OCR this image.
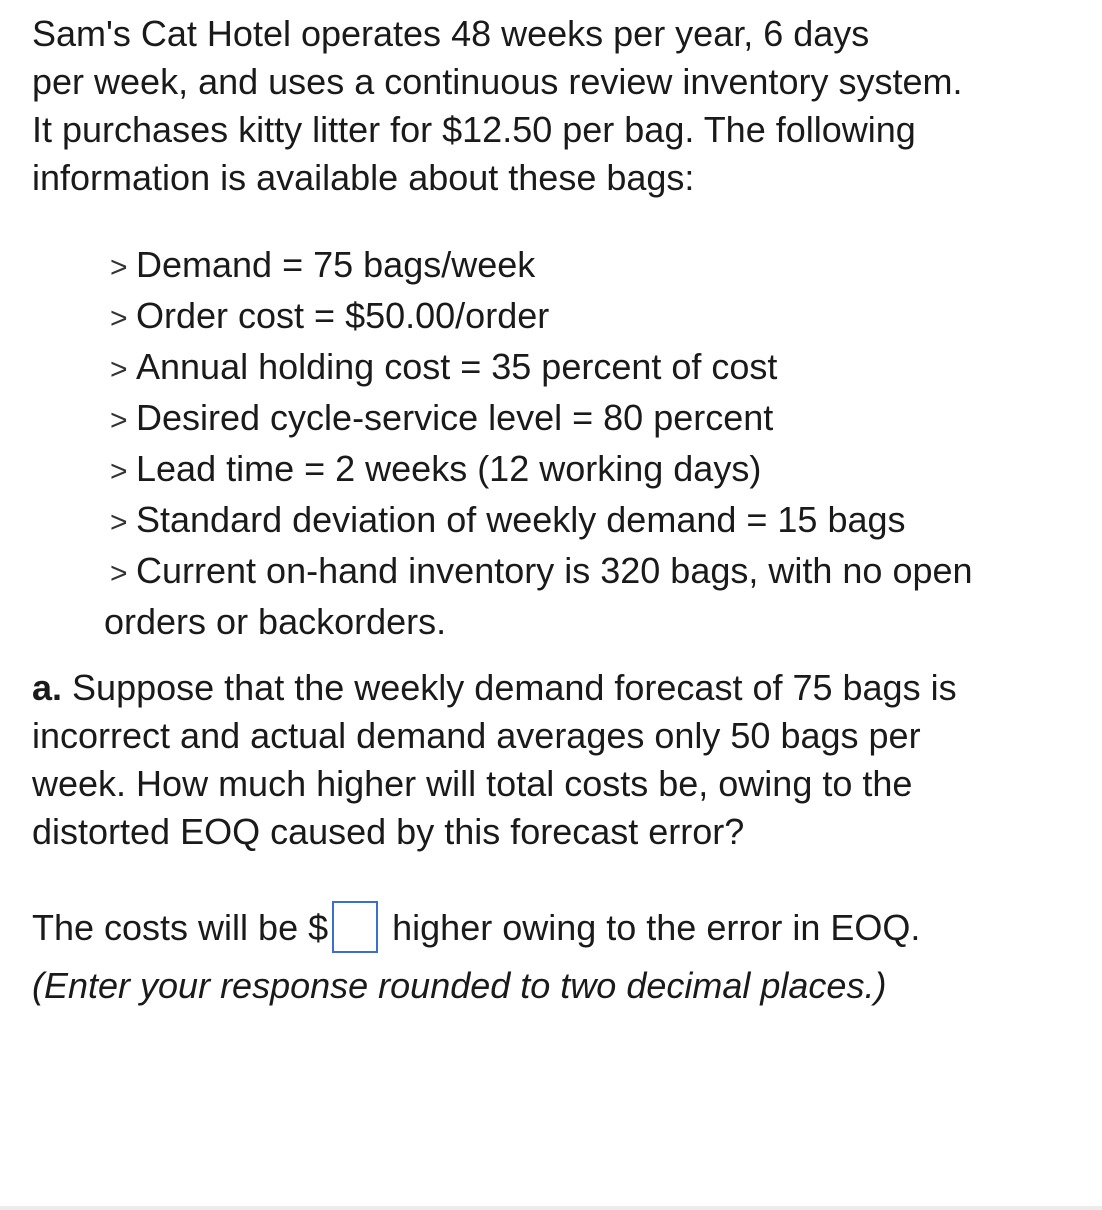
Sam's Cat Hotel operates 48 weeks per year, 6 days
per week, and uses a continuous review inventory system.
It purchases kitty litter for $12.50 per bag. The following
information is available about these bags:
> Demand = 75 bags/week
> Order cost = $50.00/order
> Annual holding cost = 35 percent of cost
> Desired cycle-service level = 80 percent
> Lead time = 2 weeks (12 working days)
> Standard deviation of weekly demand = 15 bags
> Current on-hand inventory is 320 bags, with no open
orders or backorders.
a. Suppose that the weekly demand forecast of 75 bags is
incorrect and actual demand averages only 50 bags per
week. How much higher will total costs be, owing to the
distorted EOQ caused by this forecast error?
The costs will be $ higher owing to the error in EOQ.
(Enter your response rounded to two decimal places.)
